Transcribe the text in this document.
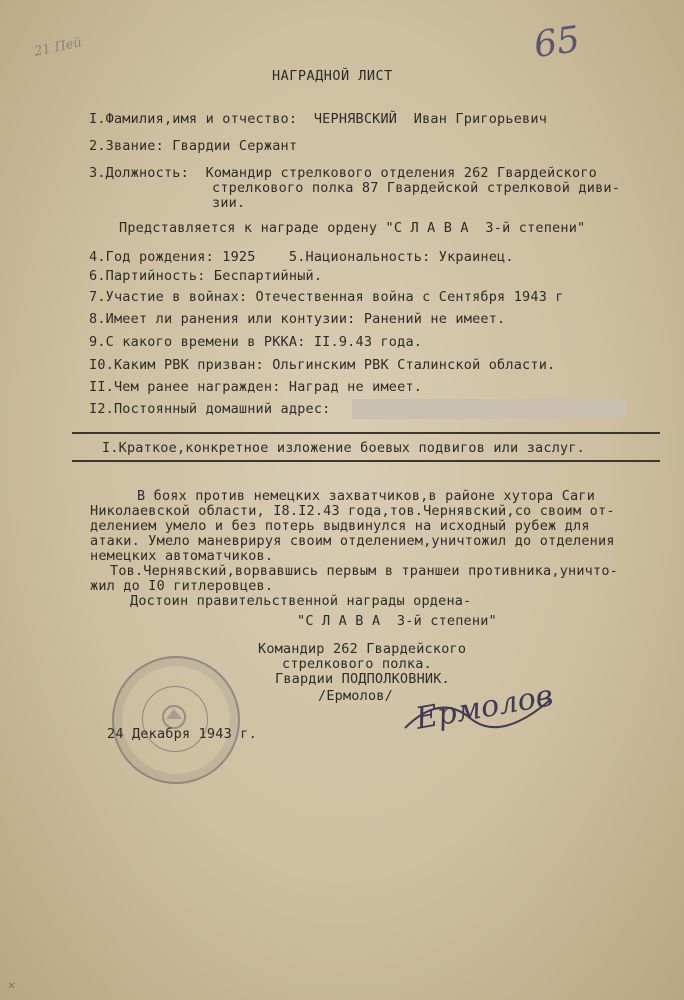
21 Пей	65
НАГРАДНОЙ ЛИСТ
I.Фамилия,имя и отчество:  ЧЕРНЯВСКИЙ  Иван Григорьевич
2.Звание: Гвардии Сержант
3.Должность:  Командир стрелкового отделения 262 Гвардейского
стрелкового полка 87 Гвардейской стрелковой диви-
зии.
Представляется к награде ордену "С Л А В А  3-й степени"
4.Год рождения: 1925    5.Национальность: Украинец.
6.Партийность: Беспартийный.
7.Участие в войнах: Отечественная война с Сентября 1943 г
8.Имеет ли ранения или контузии: Ранений не имеет.
9.С какого времени в РККА: II.9.43 года.
I0.Каким РВК призван: Ольгинским РВК Сталинской области.
II.Чем ранее награжден: Наград не имеет.
I2.Постоянный домашний адрес:
I.Краткое,конкретное изложение боевых подвигов или заслуг.
В боях против немецких захватчиков,в районе хутора Саги
Николаевской области, I8.I2.43 года,тов.Чернявский,со своим от-
делением умело и без потерь выдвинулся на исходный рубеж для
атаки. Умело маневрируя своим отделением,уничтожил до отделения
немецких автоматчиков.
Тов.Чернявский,ворвавшись первым в траншеи противника,уничто-
жил до I0 гитлеровцев.
Достоин правительственной награды ордена-
"С Л А В А  3-й степени"
Командир 262 Гвардейского
стрелкового полка.
Гвардии ПОДПОЛКОВНИК.
/Ермолов/
24 Декабря 1943 г.	Ермолов
✕
